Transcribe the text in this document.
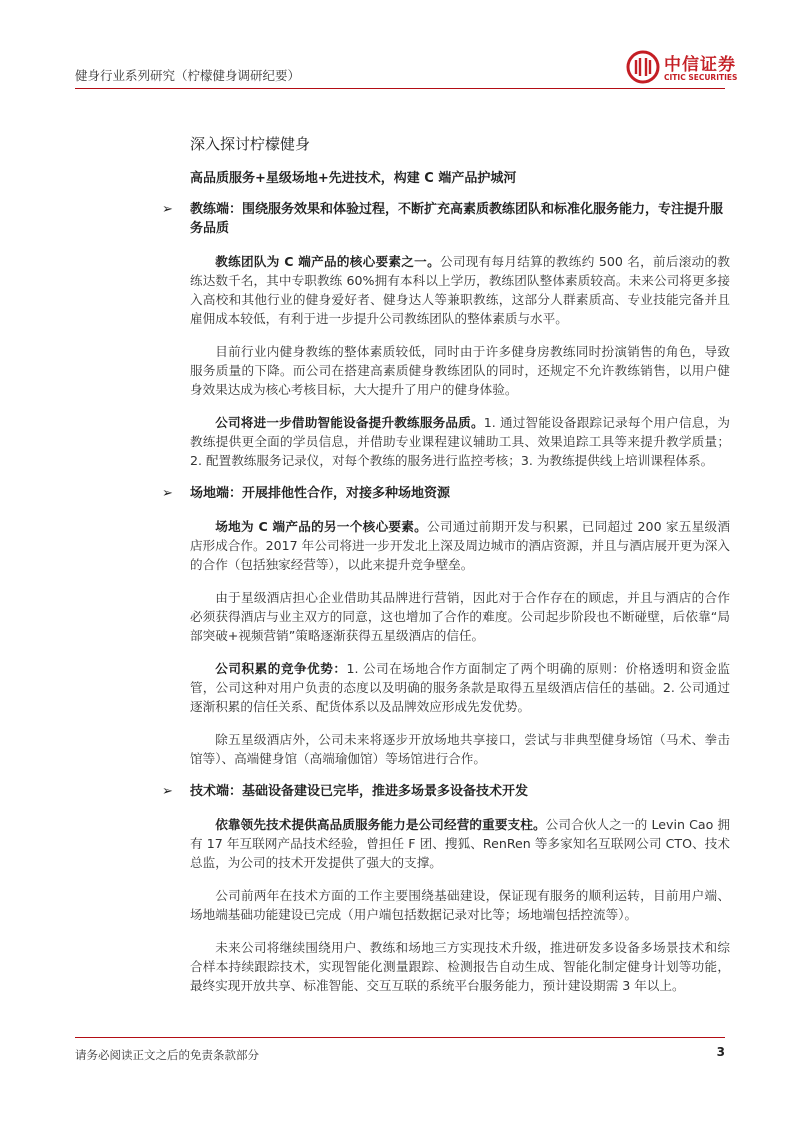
健身行业系列研究（柠檬健身调研纪要）
中信证券
CITIC SECURITIES
深入探讨柠檬健身
高品质服务+星级场地+先进技术，构建 C 端产品护城河
➢ 教练端：围绕服务效果和体验过程，不断扩充高素质教练团队和标准化服务能力，专注提升服务品质

教练团队为 C 端产品的核心要素之一。公司现有每月结算的教练约 500 名，前后滚动的教练达数千名，其中专职教练 60%拥有本科以上学历，教练团队整体素质较高。未来公司将更多接入高校和其他行业的健身爱好者、健身达人等兼职教练，这部分人群素质高、专业技能完备并且雇佣成本较低，有利于进一步提升公司教练团队的整体素质与水平。

目前行业内健身教练的整体素质较低，同时由于许多健身房教练同时扮演销售的角色，导致服务质量的下降。而公司在搭建高素质健身教练团队的同时，还规定不允许教练销售，以用户健身效果达成为核心考核目标，大大提升了用户的健身体验。

公司将进一步借助智能设备提升教练服务品质。1. 通过智能设备跟踪记录每个用户信息，为教练提供更全面的学员信息，并借助专业课程建议辅助工具、效果追踪工具等来提升教学质量；2. 配置教练服务记录仪，对每个教练的服务进行监控考核；3. 为教练提供线上培训课程体系。

➢ 场地端：开展排他性合作，对接多种场地资源

场地为 C 端产品的另一个核心要素。公司通过前期开发与积累，已同超过 200 家五星级酒店形成合作。2017 年公司将进一步开发北上深及周边城市的酒店资源，并且与酒店展开更为深入的合作（包括独家经营等），以此来提升竞争壁垒。

由于星级酒店担心企业借助其品牌进行营销，因此对于合作存在的顾虑，并且与酒店的合作必须获得酒店与业主双方的同意，这也增加了合作的难度。公司起步阶段也不断碰壁，后依靠“局部突破+视频营销”策略逐渐获得五星级酒店的信任。

公司积累的竞争优势：1. 公司在场地合作方面制定了两个明确的原则：价格透明和资金监管，公司这种对用户负责的态度以及明确的服务条款是取得五星级酒店信任的基础。2. 公司通过逐渐积累的信任关系、配货体系以及品牌效应形成先发优势。

除五星级酒店外，公司未来将逐步开放场地共享接口，尝试与非典型健身场馆（马术、拳击馆等）、高端健身馆（高端瑜伽馆）等场馆进行合作。

➢ 技术端：基础设备建设已完毕，推进多场景多设备技术开发

依靠领先技术提供高品质服务能力是公司经营的重要支柱。公司合伙人之一的 Levin Cao 拥有 17 年互联网产品技术经验，曾担任 F 团、搜狐、RenRen 等多家知名互联网公司 CTO、技术总监，为公司的技术开发提供了强大的支撑。

公司前两年在技术方面的工作主要围绕基础建设，保证现有服务的顺利运转，目前用户端、场地端基础功能建设已完成（用户端包括数据记录对比等；场地端包括控流等）。

未来公司将继续围绕用户、教练和场地三方实现技术升级，推进研发多设备多场景技术和综合样本持续跟踪技术，实现智能化测量跟踪、检测报告自动生成、智能化制定健身计划等功能，最终实现开放共享、标准智能、交互互联的系统平台服务能力，预计建设期需 3 年以上。

请务必阅读正文之后的免责条款部分	3
